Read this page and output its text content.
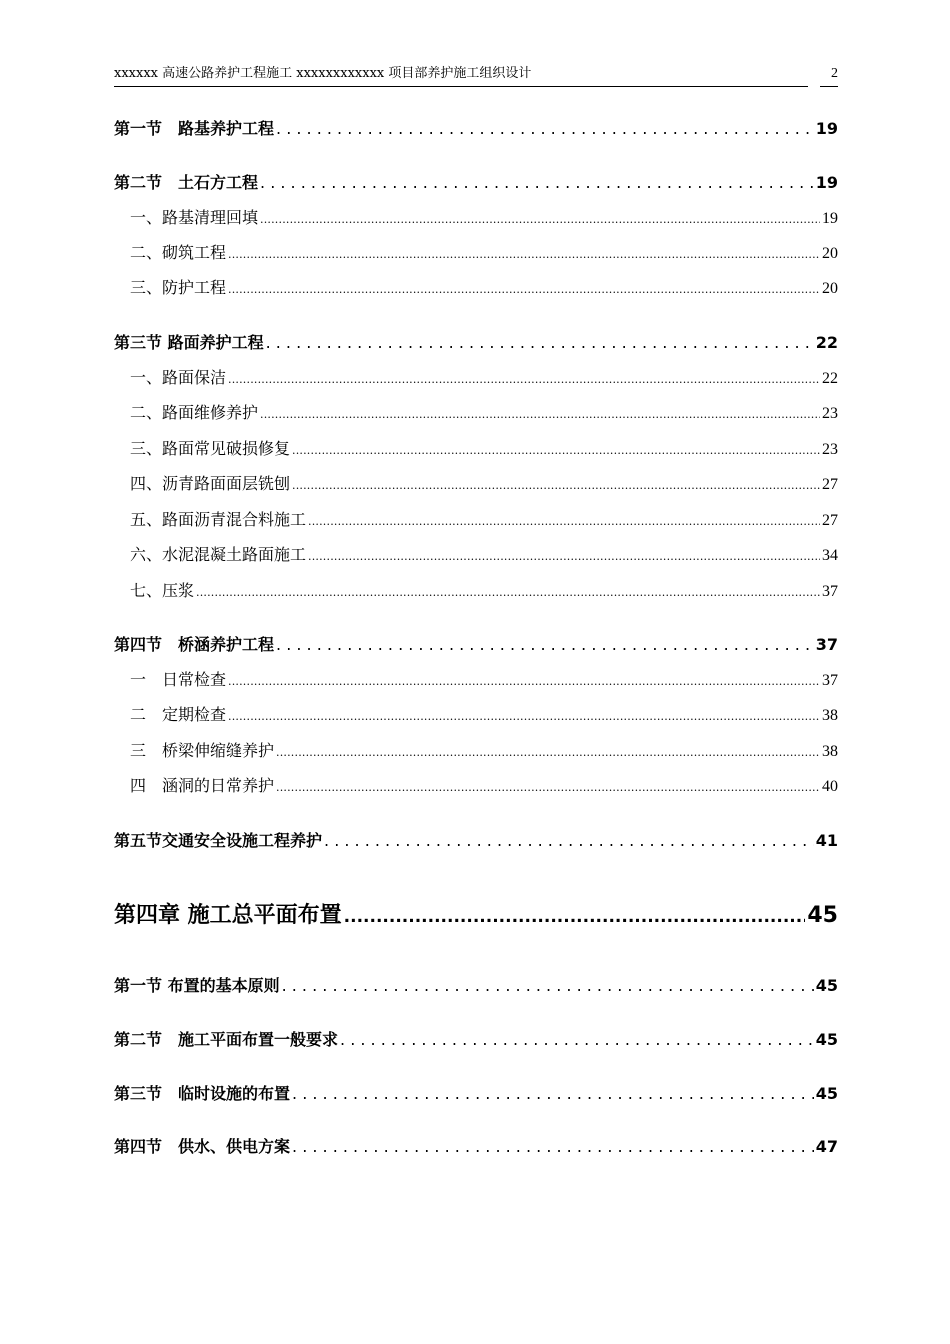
xxxxxx 高速公路养护工程施工 xxxxxxxxxxxx 项目部养护施工组织设计	2
第一节　路基养护工程 . . .	19
第二节　土石方工程 . . .	19
一、路基清理回填 .....	19
二、砌筑工程 .....	20
三、防护工程 .....	20
第三节 路面养护工程 . . .	22
一、路面保洁 .....	22
二、路面维修养护 .....	23
三、路面常见破损修复 .....	23
四、沥青路面面层铣刨 .....	27
五、路面沥青混合料施工 .....	27
六、水泥混凝土路面施工 .....	34
七、压浆 .....	37
第四节　桥涵养护工程 . . .	37
一　日常检查 .....	37
二　定期检查 .....	38
三　桥梁伸缩缝养护 .....	38
四　涵洞的日常养护 .....	40
第五节交通安全设施工程养护 . . .	41
第四章 施工总平面布置 .....	45
第一节 布置的基本原则 . . .	45
第二节　施工平面布置一般要求 . . .	45
第三节　临时设施的布置 . . .	45
第四节　供水、供电方案 . . .	47
